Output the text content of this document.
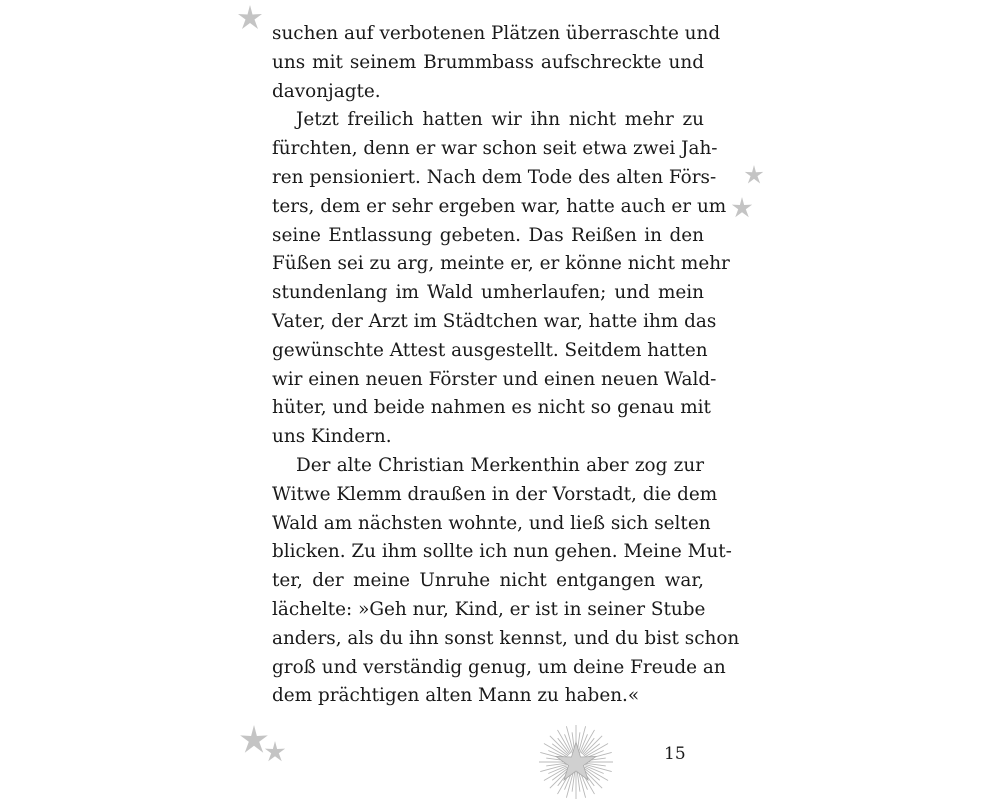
suchen auf verbotenen Plätzen überraschte und
uns mit seinem Brummbass aufschreckte und
davonjagte.
Jetzt freilich hatten wir ihn nicht mehr zu
fürchten, denn er war schon seit etwa zwei Jah-
ren pensioniert. Nach dem Tode des alten Förs-
ters, dem er sehr ergeben war, hatte auch er um
seine Entlassung gebeten. Das Reißen in den
Füßen sei zu arg, meinte er, er könne nicht mehr
stundenlang im Wald umherlaufen; und mein
Vater, der Arzt im Städtchen war, hatte ihm das
gewünschte Attest ausgestellt. Seitdem hatten
wir einen neuen Förster und einen neuen Wald-
hüter, und beide nahmen es nicht so genau mit
uns Kindern.
Der alte Christian Merkenthin aber zog zur
Witwe Klemm draußen in der Vorstadt, die dem
Wald am nächsten wohnte, und ließ sich selten
blicken. Zu ihm sollte ich nun gehen. Meine Mut-
ter, der meine Unruhe nicht entgangen war,
lächelte: »Geh nur, Kind, er ist in seiner Stube
anders, als du ihn sonst kennst, und du bist schon
groß und verständig genug, um deine Freude an
dem prächtigen alten Mann zu haben.«
15
